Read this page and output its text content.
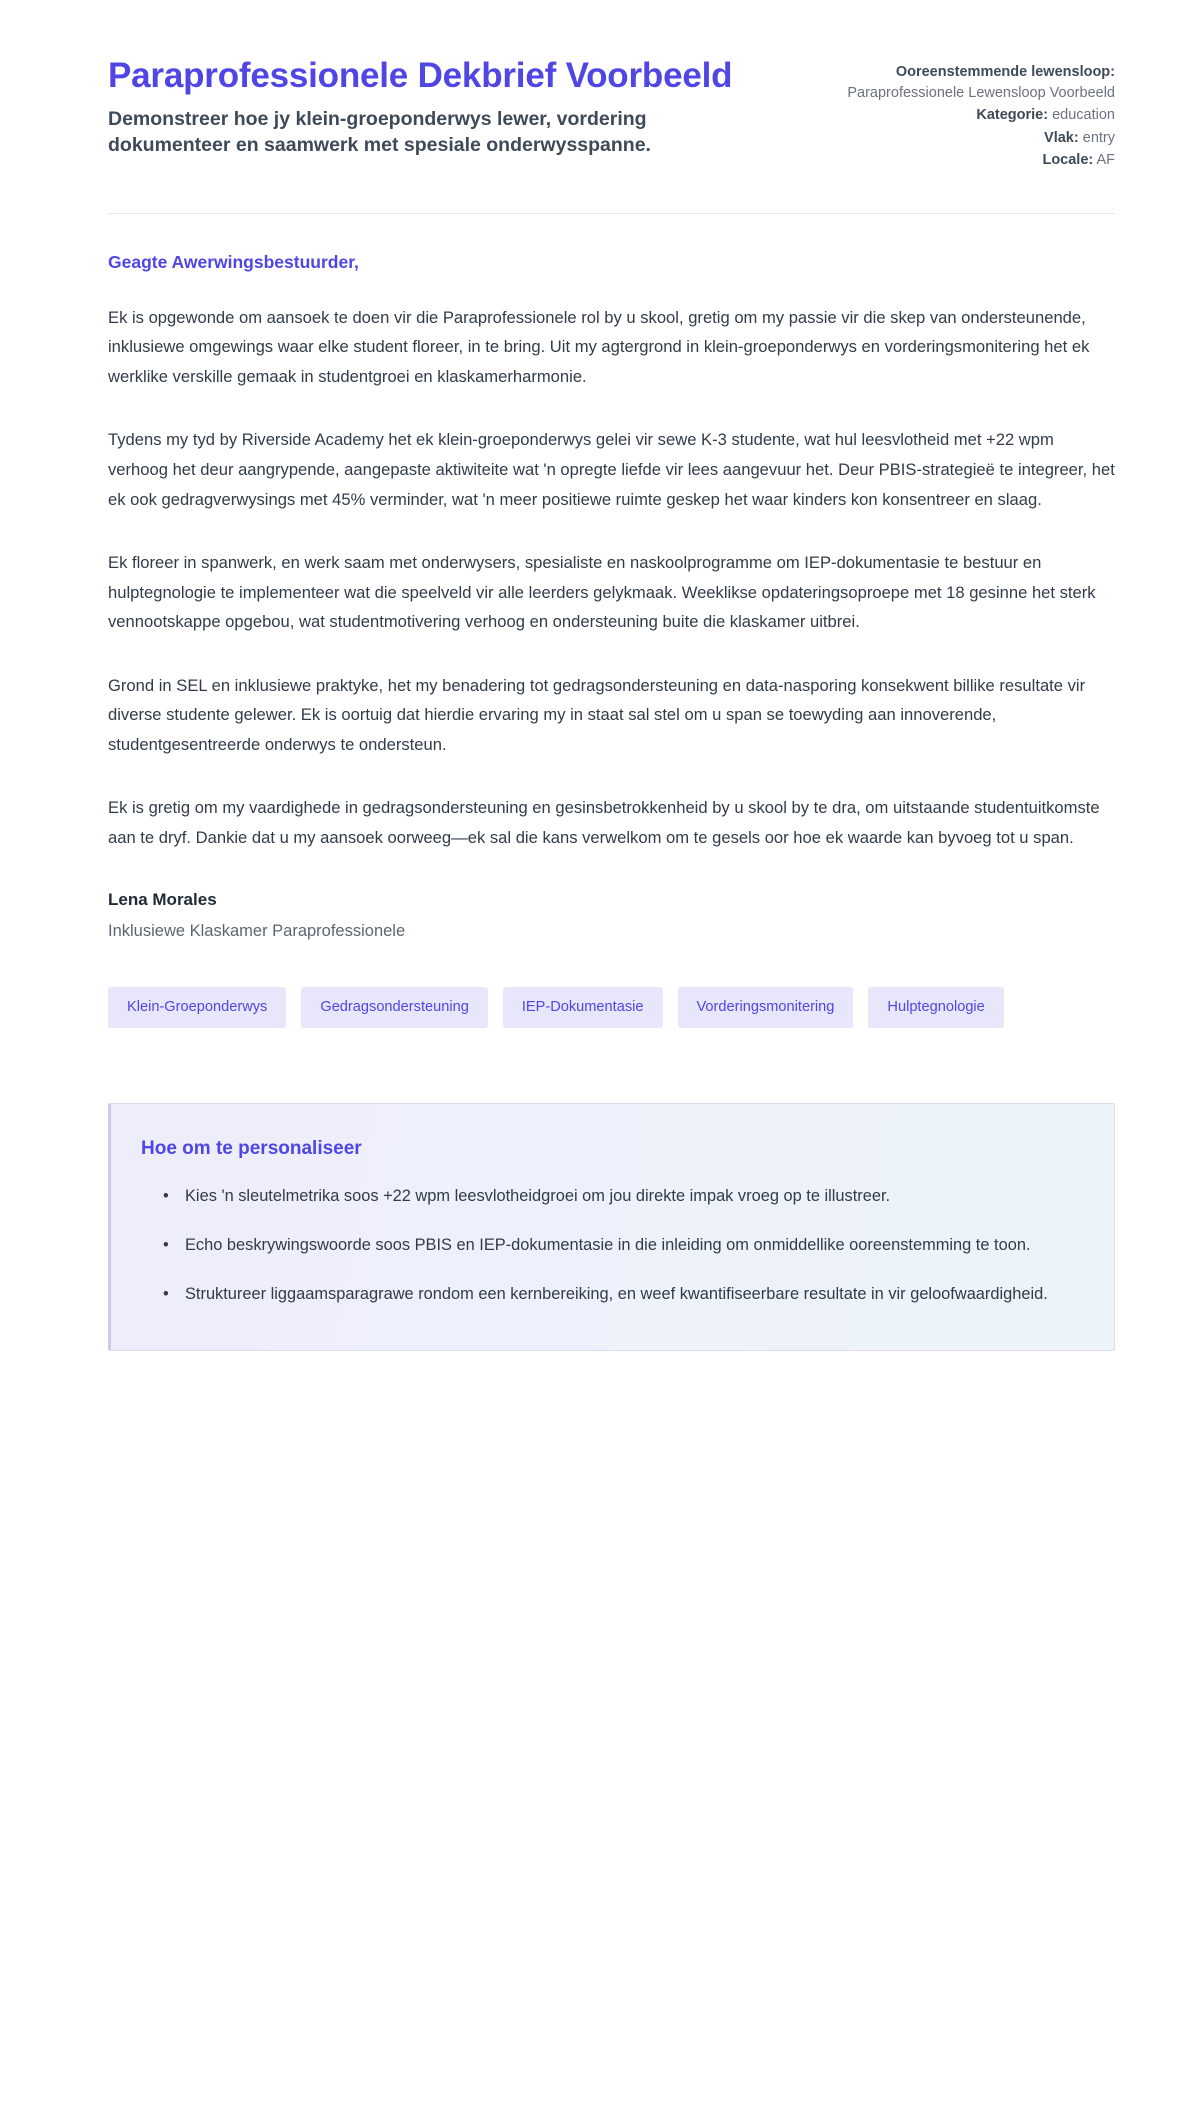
Paraprofessionele Dekbrief Voorbeeld

Demonstreer hoe jy klein-groeponderwys lewer, vordering dokumenteer en saamwerk met spesiale onderwysspanne.

Ooreenstemmende lewensloop: Paraprofessionele Lewensloop Voorbeeld

Kategorie: education

Vlak: entry

Locale: AF

Geagte Awerwingsbestuurder,

Ek is opgewonde om aansoek te doen vir die Paraprofessionele rol by u skool, gretig om my passie vir die skep van ondersteunende, inklusiewe omgewings waar elke student floreer, in te bring. Uit my agtergrond in klein-groeponderwys en vorderingsmonitering het ek werklike verskille gemaak in studentgroei en klaskamerharmonie.

Tydens my tyd by Riverside Academy het ek klein-groeponderwys gelei vir sewe K-3 studente, wat hul leesvlotheid met +22 wpm verhoog het deur aangrypende, aangepaste aktiwiteite wat 'n opregte liefde vir lees aangevuur het. Deur PBIS-strategieë te integreer, het ek ook gedragverwysings met 45% verminder, wat 'n meer positiewe ruimte geskep het waar kinders kon konsentreer en slaag.

Ek floreer in spanwerk, en werk saam met onderwysers, spesialiste en naskoolprogramme om IEP-dokumentasie te bestuur en hulptegnologie te implementeer wat die speelveld vir alle leerders gelykmaak. Weeklikse opdateringsoproepe met 18 gesinne het sterk vennootskappe opgebou, wat studentmotivering verhoog en ondersteuning buite die klaskamer uitbrei.

Grond in SEL en inklusiewe praktyke, het my benadering tot gedragsondersteuning en data-nasporing konsekwent billike resultate vir diverse studente gelewer. Ek is oortuig dat hierdie ervaring my in staat sal stel om u span se toewyding aan innoverende, studentgesentreerde onderwys te ondersteun.

Ek is gretig om my vaardighede in gedragsondersteuning en gesinsbetrokkenheid by u skool by te dra, om uitstaande studentuitkomste aan te dryf. Dankie dat u my aansoek oorweeg—ek sal die kans verwelkom om te gesels oor hoe ek waarde kan byvoeg tot u span.

Lena Morales

Inklusiewe Klaskamer Paraprofessionele

Klein-Groeponderwys	Gedragsondersteuning	IEP-Dokumentasie	Vorderingsmonitering	Hulptegnologie
Hoe om te personaliseer
• Kies 'n sleutelmetrika soos +22 wpm leesvlotheidgroei om jou direkte impak vroeg op te illustreer.
• Echo beskrywingswoorde soos PBIS en IEP-dokumentasie in die inleiding om onmiddellike ooreenstemming te toon.
• Struktureer liggaamsparagrawe rondom een kernbereiking, en weef kwantifiseerbare resultate in vir geloofwaardigheid.
